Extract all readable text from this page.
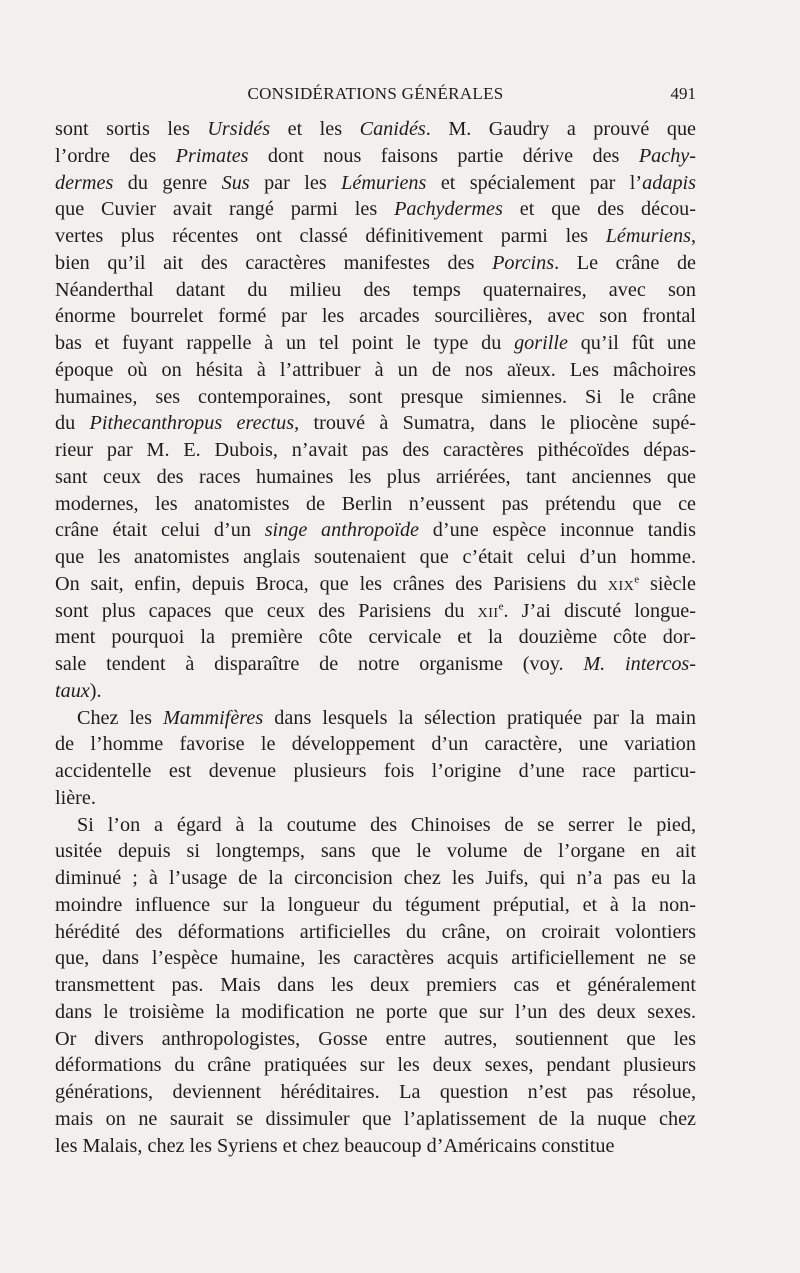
CONSIDÉRATIONS GÉNÉRALES	491
sont sortis les Ursidés et les Canidés. M. Gaudry a prouvé que
l’ordre des Primates dont nous faisons partie dérive des Pachy-
dermes du genre Sus par les Lémuriens et spécialement par l’adapis
que Cuvier avait rangé parmi les Pachydermes et que des décou-
vertes plus récentes ont classé définitivement parmi les Lémuriens,
bien qu’il ait des caractères manifestes des Porcins. Le crâne de
Néanderthal datant du milieu des temps quaternaires, avec son
énorme bourrelet formé par les arcades sourcilières, avec son frontal
bas et fuyant rappelle à un tel point le type du gorille qu’il fût une
époque où on hésita à l’attribuer à un de nos aïeux. Les mâchoires
humaines, ses contemporaines, sont presque simiennes. Si le crâne
du Pithecanthropus erectus, trouvé à Sumatra, dans le pliocène supé-
rieur par M. E. Dubois, n’avait pas des caractères pithécoïdes dépas-
sant ceux des races humaines les plus arriérées, tant anciennes que
modernes, les anatomistes de Berlin n’eussent pas prétendu que ce
crâne était celui d’un singe anthropoïde d’une espèce inconnue tandis
que les anatomistes anglais soutenaient que c’était celui d’un homme.
On sait, enfin, depuis Broca, que les crânes des Parisiens du xix$^e$ siècle
sont plus capaces que ceux des Parisiens du xii$^e$. J’ai discuté longue-
ment pourquoi la première côte cervicale et la douzième côte dor-
sale tendent à disparaître de notre organisme (voy. M. intercos-
taux).
Chez les Mammifères dans lesquels la sélection pratiquée par la main
de l’homme favorise le développement d’un caractère, une variation
accidentelle est devenue plusieurs fois l’origine d’une race particu-
lière.
Si l’on a égard à la coutume des Chinoises de se serrer le pied,
usitée depuis si longtemps, sans que le volume de l’organe en ait
diminué ; à l’usage de la circoncision chez les Juifs, qui n’a pas eu la
moindre influence sur la longueur du tégument préputial, et à la non-
hérédité des déformations artificielles du crâne, on croirait volontiers
que, dans l’espèce humaine, les caractères acquis artificiellement ne se
transmettent pas. Mais dans les deux premiers cas et généralement
dans le troisième la modification ne porte que sur l’un des deux sexes.
Or divers anthropologistes, Gosse entre autres, soutiennent que les
déformations du crâne pratiquées sur les deux sexes, pendant plusieurs
générations, deviennent héréditaires. La question n’est pas résolue,
mais on ne saurait se dissimuler que l’aplatissement de la nuque chez
les Malais, chez les Syriens et chez beaucoup d’Américains constitue
